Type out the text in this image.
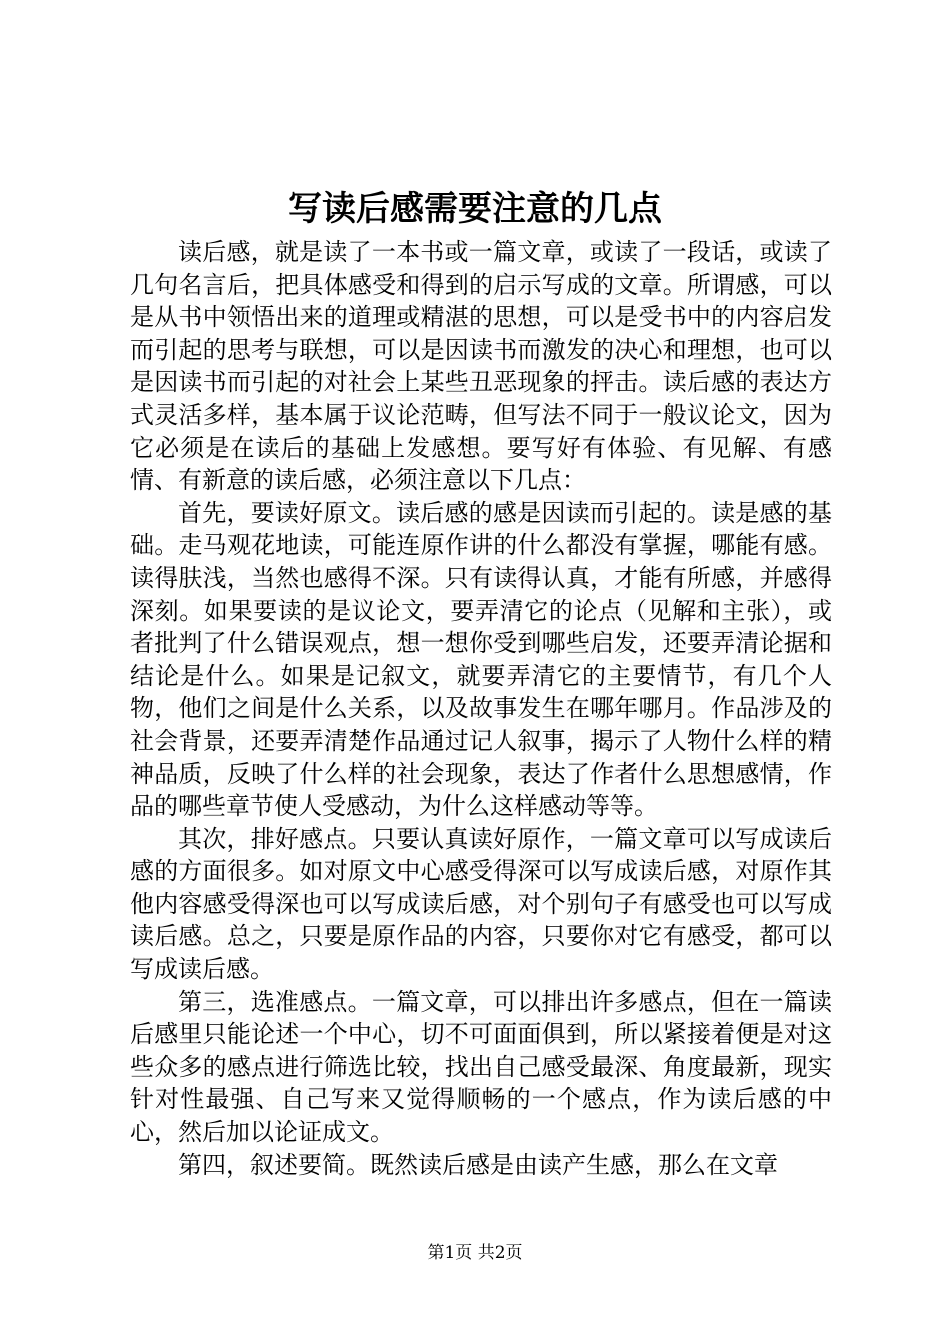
写读后感需要注意的几点

读后感，就是读了一本书或一篇文章，或读了一段话，或读了几句名言后，把具体感受和得到的启示写成的文章。所谓感，可以是从书中领悟出来的道理或精湛的思想，可以是受书中的内容启发而引起的思考与联想，可以是因读书而激发的决心和理想，也可以是因读书而引起的对社会上某些丑恶现象的抨击。读后感的表达方式灵活多样，基本属于议论范畴，但写法不同于一般议论文，因为它必须是在读后的基础上发感想。要写好有体验、有见解、有感情、有新意的读后感，必须注意以下几点：

首先，要读好原文。读后感的感是因读而引起的。读是感的基础。走马观花地读，可能连原作讲的什么都没有掌握，哪能有感。读得肤浅，当然也感得不深。只有读得认真，才能有所感，并感得深刻。如果要读的是议论文，要弄清它的论点（见解和主张），或者批判了什么错误观点，想一想你受到哪些启发，还要弄清论据和结论是什么。如果是记叙文，就要弄清它的主要情节，有几个人物，他们之间是什么关系，以及故事发生在哪年哪月。作品涉及的社会背景，还要弄清楚作品通过记人叙事，揭示了人物什么样的精神品质，反映了什么样的社会现象，表达了作者什么思想感情，作品的哪些章节使人受感动，为什么这样感动等等。

其次，排好感点。只要认真读好原作，一篇文章可以写成读后感的方面很多。如对原文中心感受得深可以写成读后感，对原作其他内容感受得深也可以写成读后感，对个别句子有感受也可以写成读后感。总之，只要是原作品的内容，只要你对它有感受，都可以写成读后感。

第三，选准感点。一篇文章，可以排出许多感点，但在一篇读后感里只能论述一个中心，切不可面面俱到，所以紧接着便是对这些众多的感点进行筛选比较，找出自己感受最深、角度最新，现实针对性最强、自己写来又觉得顺畅的一个感点，作为读后感的中心，然后加以论证成文。

第四，叙述要简。既然读后感是由读产生感，那么在文章

第1页 共2页
